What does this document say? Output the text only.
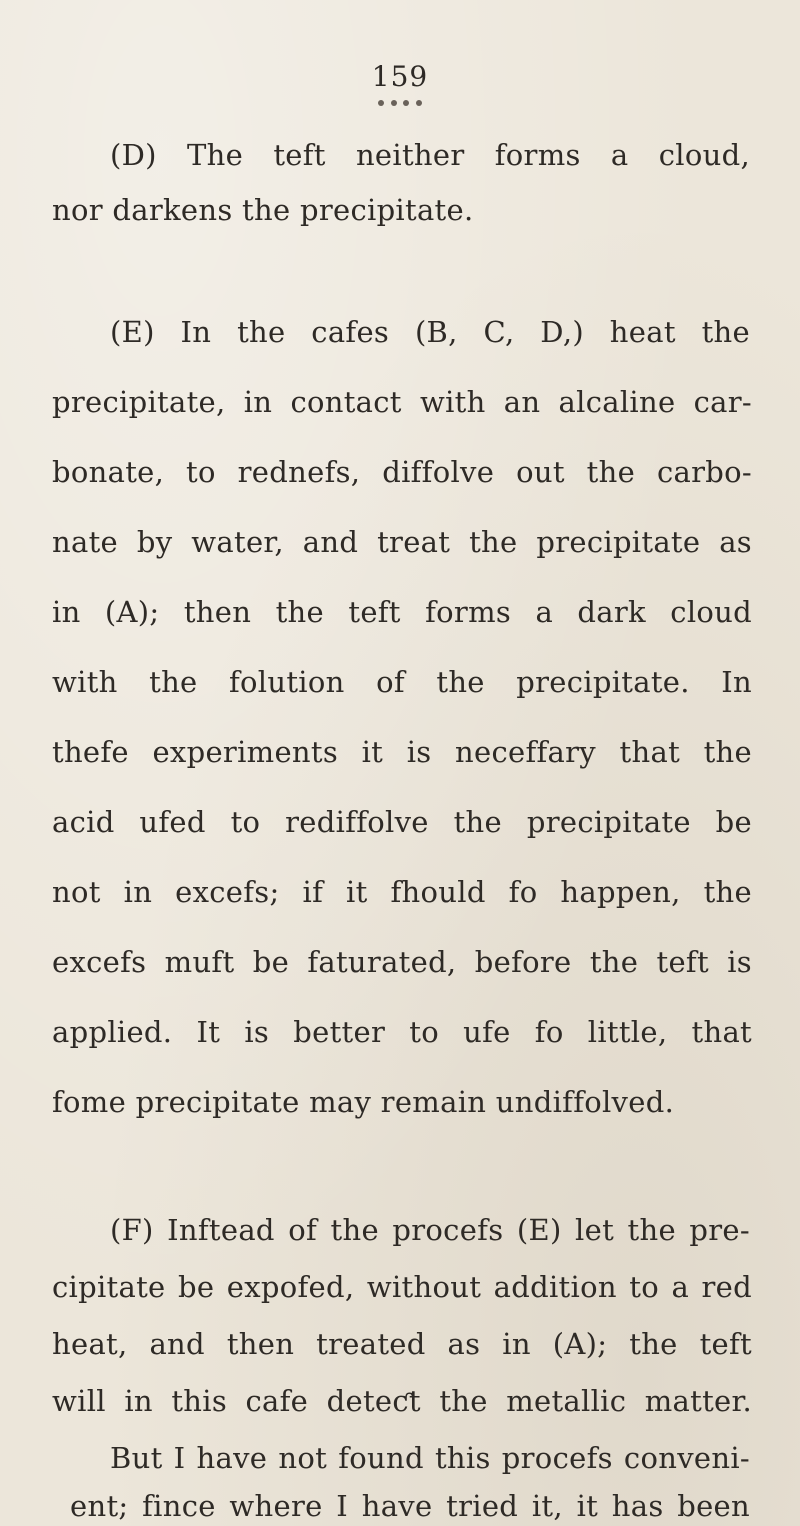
159
(D) The teft neither forms a cloud,
nor darkens the precipitate.
(E) In the cafes (B, C, D,) heat the
precipitate, in contact with an alcaline car-
bonate, to rednefs, diffolve out the carbo-
nate by water, and treat the precipitate as
in (A); then the teft forms a dark cloud
with the folution of the precipitate. In
thefe experiments it is neceffary that the
acid ufed to rediffolve the precipitate be
not in excefs; if it fhould fo happen, the
excefs muft be faturated, before the teft is
applied. It is better to ufe fo little, that
fome precipitate may remain undiffolved.
(F) Inftead of the procefs (E) let the pre-
cipitate be expofed, without addition to a red
heat, and then treated as in (A); the teft
will in this cafe deteƈt the metallic matter.
But I have not found this procefs conveni-
ent; fince where I have tried it, it has been
